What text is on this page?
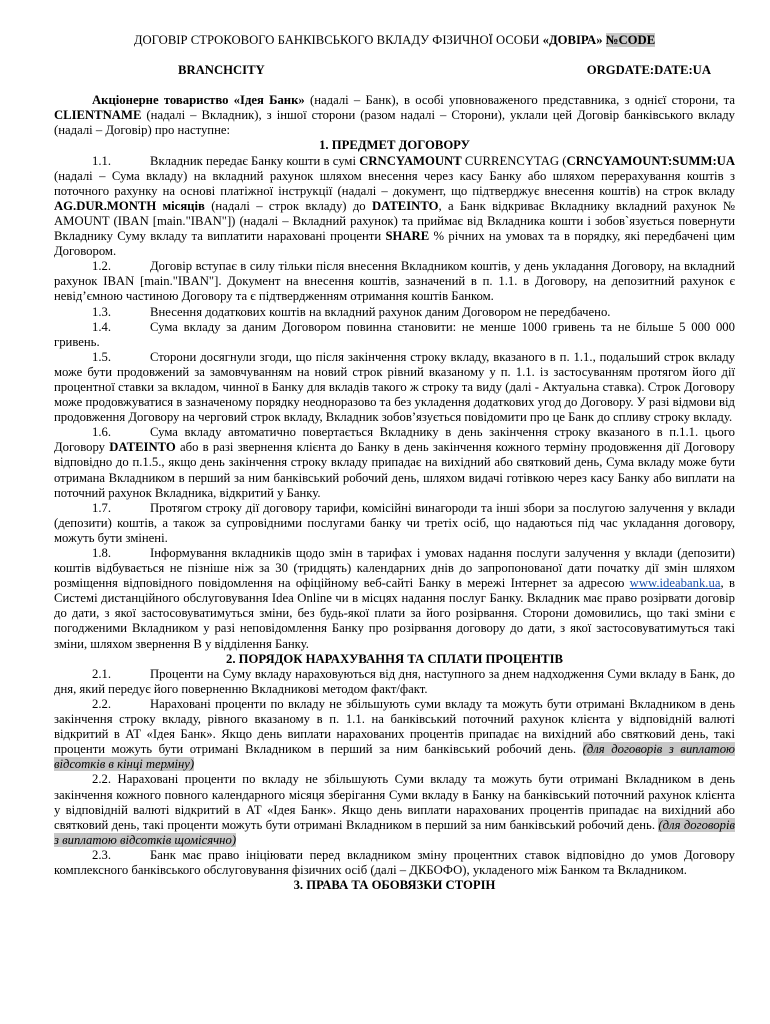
ДОГОВІР СТРОКОВОГО БАНКІВСЬКОГО ВКЛАДУ ФІЗИЧНОЇ ОСОБИ «ДОВІРА» №CODE
BRANCHCITY	ORGDATE:DATE:UA

Акціонерне товариство «Ідея Банк» (надалі – Банк), в особі уповноваженого представника, з однієї сторони, та CLIENTNAME (надалі – Вкладник), з іншої сторони (разом надалі – Сторони), уклали цей Договір банківського вкладу (надалі – Договір) про наступне:

1. ПРЕДМЕТ ДОГОВОРУ

1.1.	Вкладник передає Банку кошти в сумі CRNCYAMOUNT CURRENCYTAG (CRNCYAMOUNT:SUMM:UA (надалі – Сума вкладу) на вкладний рахунок шляхом внесення через касу Банку або шляхом перерахування коштів з поточного рахунку на основі платіжної інструкції (надалі – документ, що підтверджує внесення коштів) на строк вкладу AG.DUR.MONTH місяців (надалі – строк вкладу) до DATEINTO, а Банк відкриває Вкладнику вкладний рахунок № AMOUNT (IBAN [main."IBAN"]) (надалі – Вкладний рахунок) та приймає від Вкладника кошти і зобов`язується повернути Вкладнику Суму вкладу та виплатити нараховані проценти SHARE % річних на умовах та в порядку, які передбачені цим Договором.

1.2.	Договір вступає в силу тільки після внесення Вкладником коштів, у день укладання Договору, на вкладний рахунок IBAN [main."IBAN"]. Документ на внесення коштів, зазначений в п. 1.1. в Договору, на депозитний рахунок є невід’ємною частиною Договору та є підтвердженням отримання коштів Банком.

1.3.	Внесення додаткових коштів на вкладний рахунок даним Договором не передбачено.

1.4.	Сума вкладу за даним Договором повинна становити: не менше 1000 гривень та не більше 5 000 000 гривень.

1.5.	Сторони досягнули згоди, що після закінчення строку вкладу, вказаного в п. 1.1., подальший строк вкладу може бути продовжений за замовчуванням на новий строк рівний вказаному у п. 1.1. із застосуванням протягом його дії процентної ставки за вкладом, чинної в Банку для вкладів такого ж строку та виду (далі - Актуальна ставка). Строк Договору може продовжуватися в зазначеному порядку неодноразово та без укладення додаткових угод до Договору. У разі відмови від продовження Договору на черговий строк вкладу, Вкладник зобов’язується повідомити про це Банк до спливу строку вкладу.

1.6.	Сума вкладу автоматично повертається Вкладнику в день закінчення строку вказаного в п.1.1. цього Договору DATEINTO або в разі звернення клієнта до Банку в день закінчення кожного терміну продовження дії Договору відповідно до п.1.5., якщо день закінчення строку вкладу припадає на вихідний або святковий день, Сума вкладу може бути отримана Вкладником в перший за ним банківський робочий день, шляхом видачі готівкою через касу Банку або виплати на поточний рахунок Вкладника, відкритий у Банку.

1.7.	Протягом строку дії договору тарифи, комісійні винагороди та інші збори за послугою залучення у вклади (депозити) коштів, а також за супровідними послугами банку чи третіх осіб, що надаються під час укладання договору, можуть бути змінені.

1.8.	Інформування вкладників щодо змін в тарифах і умовах надання послуги залучення у вклади (депозити) коштів відбувається не пізніше ніж за 30 (тридцять) календарних днів до запропонованої дати початку дії змін шляхом розміщення відповідного повідомлення на офіційному веб-сайті Банку в мережі Інтернет за адресою www.ideabank.ua, в Системі дистанційного обслуговування Idea Online чи в місцях надання послуг Банку. Вкладник має право розірвати договір до дати, з якої застосовуватимуться зміни, без будь-якої плати за його розірвання. Сторони домовились, що такі зміни є погодженими Вкладником у разі неповідомлення Банку про розірвання договору до дати, з якої застосовуватимуться такі зміни, шляхом звернення В у відділення Банку.

2. ПОРЯДОК НАРАХУВАННЯ ТА СПЛАТИ ПРОЦЕНТІВ

2.1.	Проценти на Суму вкладу нараховуються від дня, наступного за днем надходження Суми вкладу в Банк, до дня, який передує його поверненню Вкладникові методом факт/факт.

2.2.	Нараховані проценти по вкладу не збільшують суми вкладу та можуть бути отримані Вкладником в день закінчення строку вкладу, рівного вказаному в п. 1.1. на банківський поточний рахунок клієнта у відповідній валюті відкритий в АТ «Ідея Банк». Якщо день виплати нарахованих процентів припадає на вихідний або святковий день, такі проценти можуть бути отримані Вкладником в перший за ним банківський робочий день. (для договорів з виплатою відсотків в кінці терміну)

2.2. Нараховані проценти по вкладу не збільшують Суми вкладу та можуть бути отримані Вкладником в день закінчення кожного повного календарного місяця зберігання Суми вкладу в Банку на банківський поточний рахунок клієнта у відповідній валюті відкритий в АТ «Ідея Банк». Якщо день виплати нарахованих процентів припадає на вихідний або святковий день, такі проценти можуть бути отримані Вкладником в перший за ним банківський робочий день. (для договорів з виплатою відсотків щомісячно)

2.3.	Банк має право ініціювати перед вкладником зміну процентних ставок відповідно до умов Договору комплексного банківського обслуговування фізичних осіб (далі – ДКБОФО), укладеного між Банком та Вкладником.

3. ПРАВА ТА ОБОВЯЗКИ СТОРІН
